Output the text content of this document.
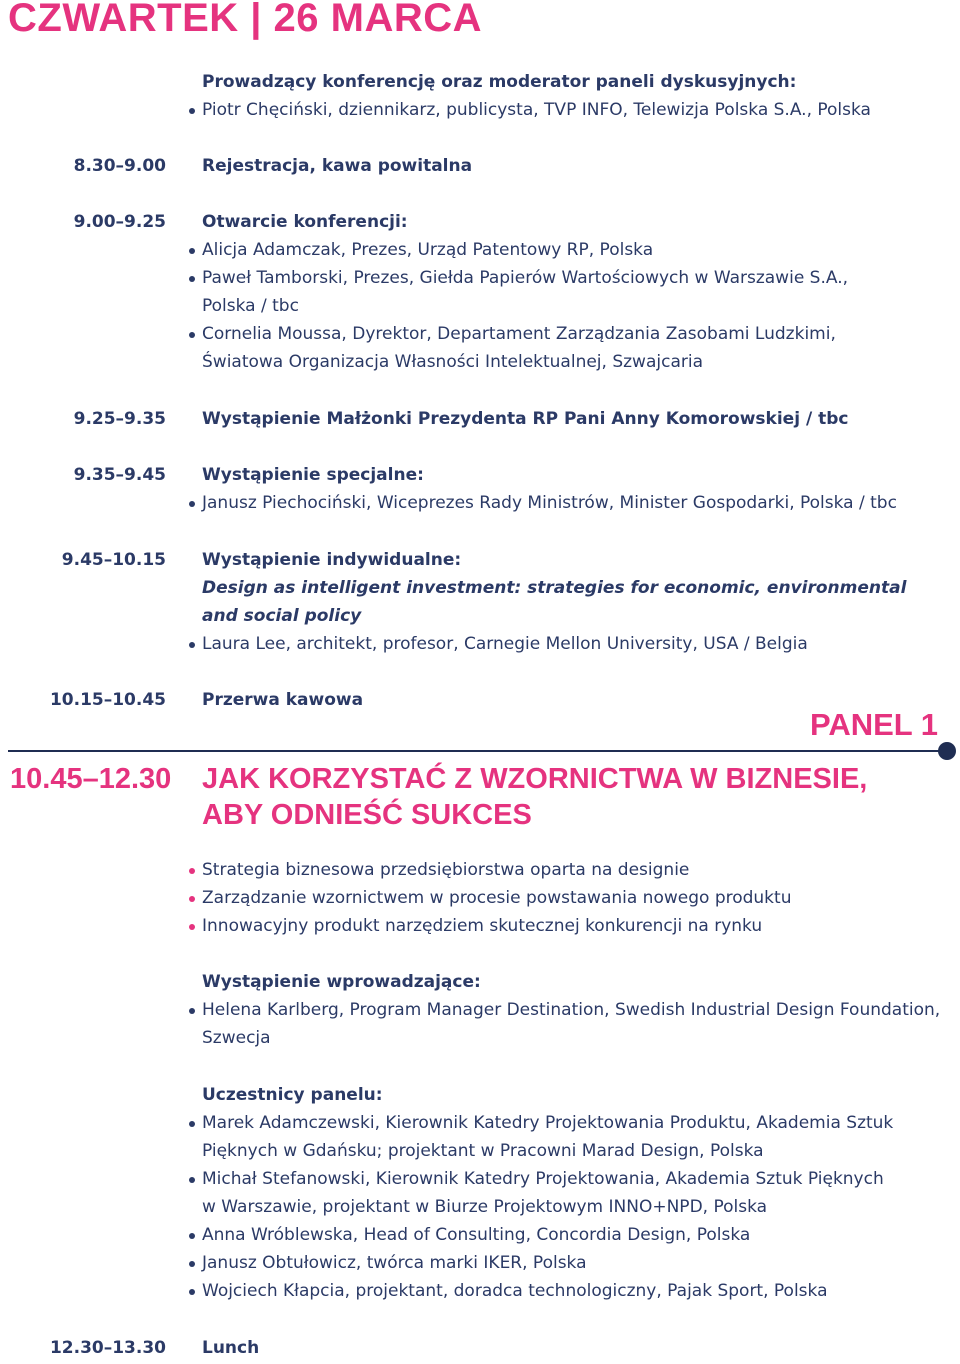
CZWARTEK | 26 MARCA
Prowadzący konferencję oraz moderator paneli dyskusyjnych:
Piotr Chęciński, dziennikarz, publicysta, TVP INFO, Telewizja Polska S.A., Polska
8.30–9.00 Rejestracja, kawa powitalna
9.00–9.25 Otwarcie konferencji:
Alicja Adamczak, Prezes, Urząd Patentowy RP, Polska
Paweł Tamborski, Prezes, Giełda Papierów Wartościowych w Warszawie S.A.,
Polska / tbc
Cornelia Moussa, Dyrektor, Departament Zarządzania Zasobami Ludzkimi,
Światowa Organizacja Własności Intelektualnej, Szwajcaria
9.25–9.35 Wystąpienie Małżonki Prezydenta RP Pani Anny Komorowskiej / tbc
9.35–9.45 Wystąpienie specjalne:
Janusz Piechociński, Wiceprezes Rady Ministrów, Minister Gospodarki, Polska / tbc
9.45–10.15 Wystąpienie indywidualne:
Design as intelligent investment: strategies for economic, environmental
and social policy
Laura Lee, architekt, profesor, Carnegie Mellon University, USA / Belgia
10.15–10.45 Przerwa kawowa
PANEL 1
10.45–12.30 JAK KORZYSTAĆ Z WZORNICTWA W BIZNESIE,
ABY ODNIEŚĆ SUKCES
Strategia biznesowa przedsiębiorstwa oparta na designie
Zarządzanie wzornictwem w procesie powstawania nowego produktu
Innowacyjny produkt narzędziem skutecznej konkurencji na rynku
Wystąpienie wprowadzające:
Helena Karlberg, Program Manager Destination, Swedish Industrial Design Foundation,
Szwecja
Uczestnicy panelu:
Marek Adamczewski, Kierownik Katedry Projektowania Produktu, Akademia Sztuk
Pięknych w Gdańsku; projektant w Pracowni Marad Design, Polska
Michał Stefanowski, Kierownik Katedry Projektowania, Akademia Sztuk Pięknych
w Warszawie, projektant w Biurze Projektowym INNO+NPD, Polska
Anna Wróblewska, Head of Consulting, Concordia Design, Polska
Janusz Obtułowicz, twórca marki IKER, Polska
Wojciech Kłapcia, projektant, doradca technologiczny, Pajak Sport, Polska
12.30–13.30 Lunch
